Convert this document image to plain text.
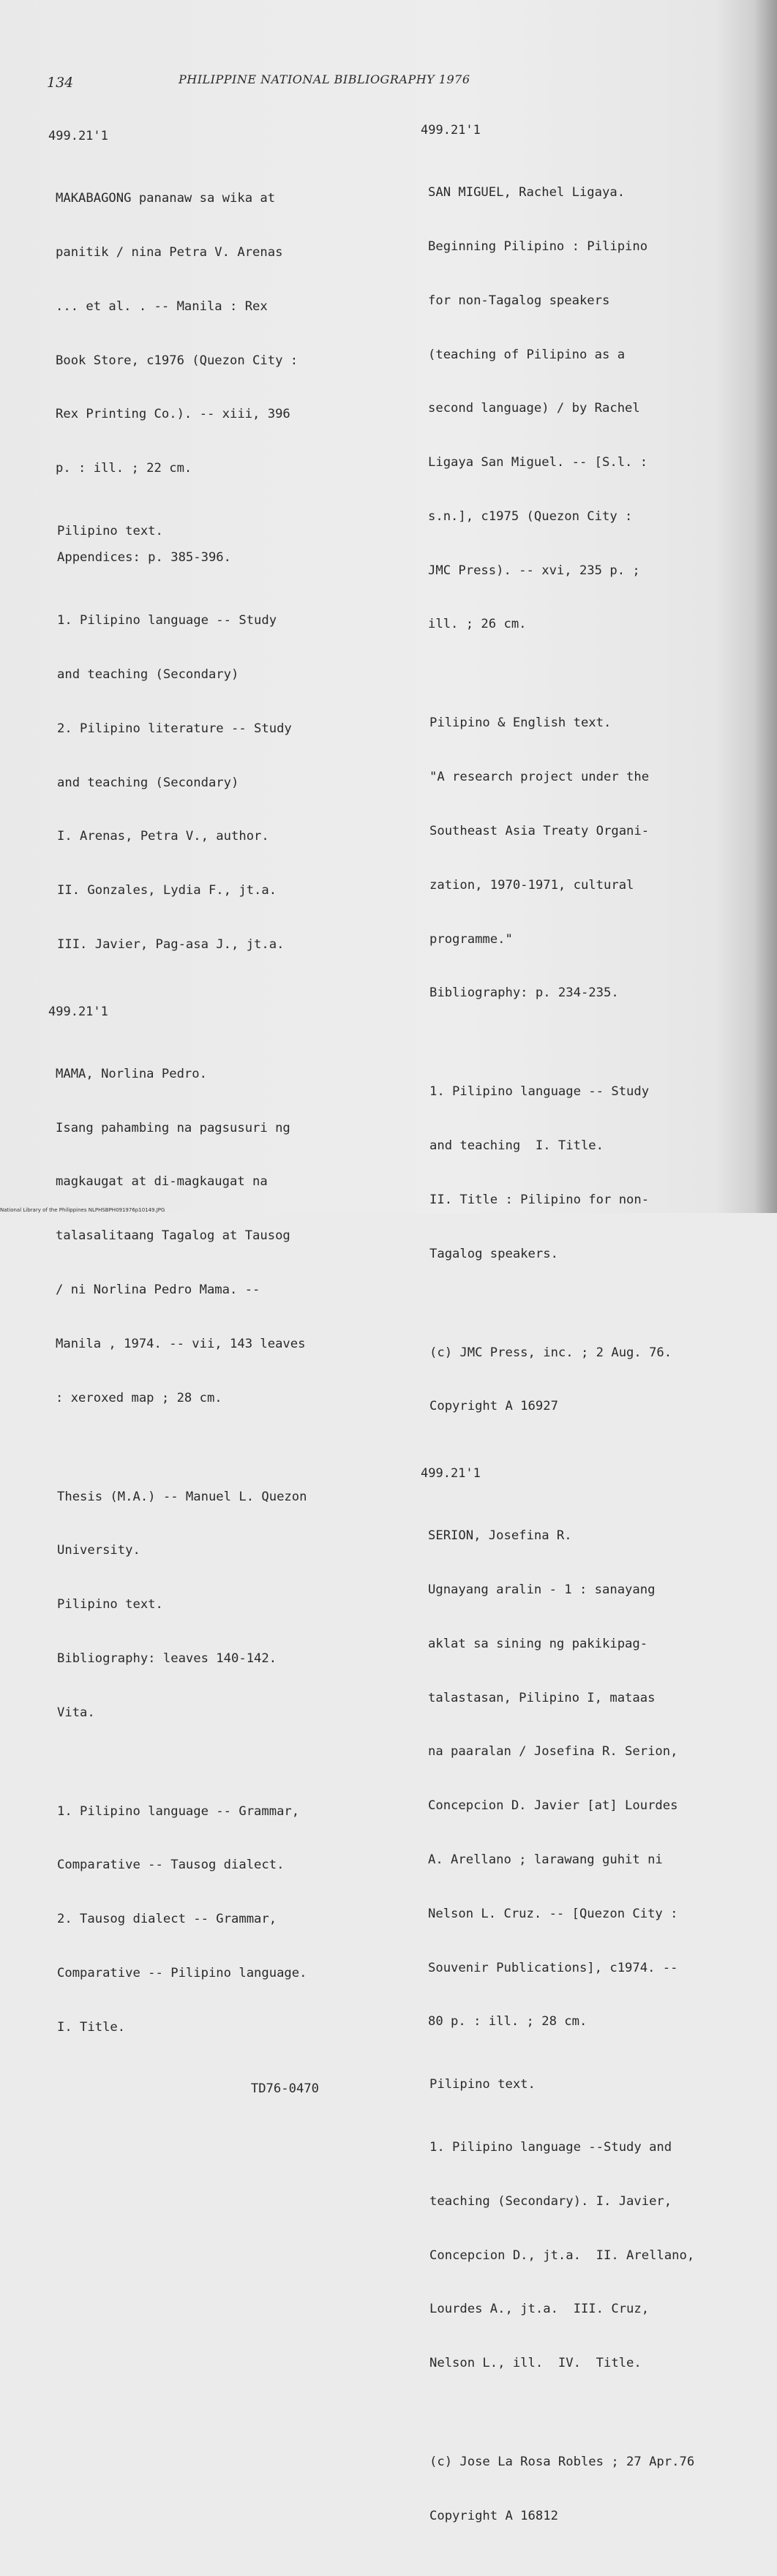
134	PHILIPPINE NATIONAL BIBLIOGRAPHY 1976
499.21'1

MAKABAGONG pananaw sa wika at

panitik / nina Petra V. Arenas

... et al. . -- Manila : Rex

Book Store, c1976 (Quezon City :

Rex Printing Co.). -- xiii, 396

p. : ill. ; 22 cm.

Pilipino text.
Appendices: p. 385-396.

1. Pilipino language -- Study

and teaching (Secondary)

2. Pilipino literature -- Study

and teaching (Secondary)

I. Arenas, Petra V., author.

II. Gonzales, Lydia F., jt.a.

III. Javier, Pag-asa J., jt.a.

499.21'1

MAMA, Norlina Pedro.

Isang pahambing na pagsusuri ng

magkaugat at di-magkaugat na

talasalitaang Tagalog at Tausog

/ ni Norlina Pedro Mama. --

Manila , 1974. -- vii, 143 leaves

: xeroxed map ; 28 cm.

Thesis (M.A.) -- Manuel L. Quezon

University.

Pilipino text.

Bibliography: leaves 140-142.

Vita.

1. Pilipino language -- Grammar,

Comparative -- Tausog dialect.

2. Tausog dialect -- Grammar,

Comparative -- Pilipino language.

I. Title.

TD76-0470
499.21'1

SAN MIGUEL, Rachel Ligaya.

Beginning Pilipino : Pilipino

for non-Tagalog speakers

(teaching of Pilipino as a

second language) / by Rachel

Ligaya San Miguel. -- [S.l. :

s.n.], c1975 (Quezon City :

JMC Press). -- xvi, 235 p. ;

ill. ; 26 cm.

Pilipino & English text.

"A research project under the

Southeast Asia Treaty Organi-

zation, 1970-1971, cultural

programme."

Bibliography: p. 234-235.

1. Pilipino language -- Study

and teaching  I. Title.

II. Title : Pilipino for non-

Tagalog speakers.

(c) JMC Press, inc. ; 2 Aug. 76.

Copyright A 16927

499.21'1

SERION, Josefina R.

Ugnayang aralin - 1 : sanayang

aklat sa sining ng pakikipag-

talastasan, Pilipino I, mataas

na paaralan / Josefina R. Serion,

Concepcion D. Javier [at] Lourdes

A. Arellano ; larawang guhit ni

Nelson L. Cruz. -- [Quezon City :

Souvenir Publications], c1974. --

80 p. : ill. ; 28 cm.

Pilipino text.

1. Pilipino language --Study and

teaching (Secondary). I. Javier,

Concepcion D., jt.a.  II. Arellano,

Lourdes A., jt.a.  III. Cruz,

Nelson L., ill.  IV.  Title.

(c) Jose La Rosa Robles ; 27 Apr.76

Copyright A 16812

National Library of the Philippines NLPHSBPH091976p10149.JPG
